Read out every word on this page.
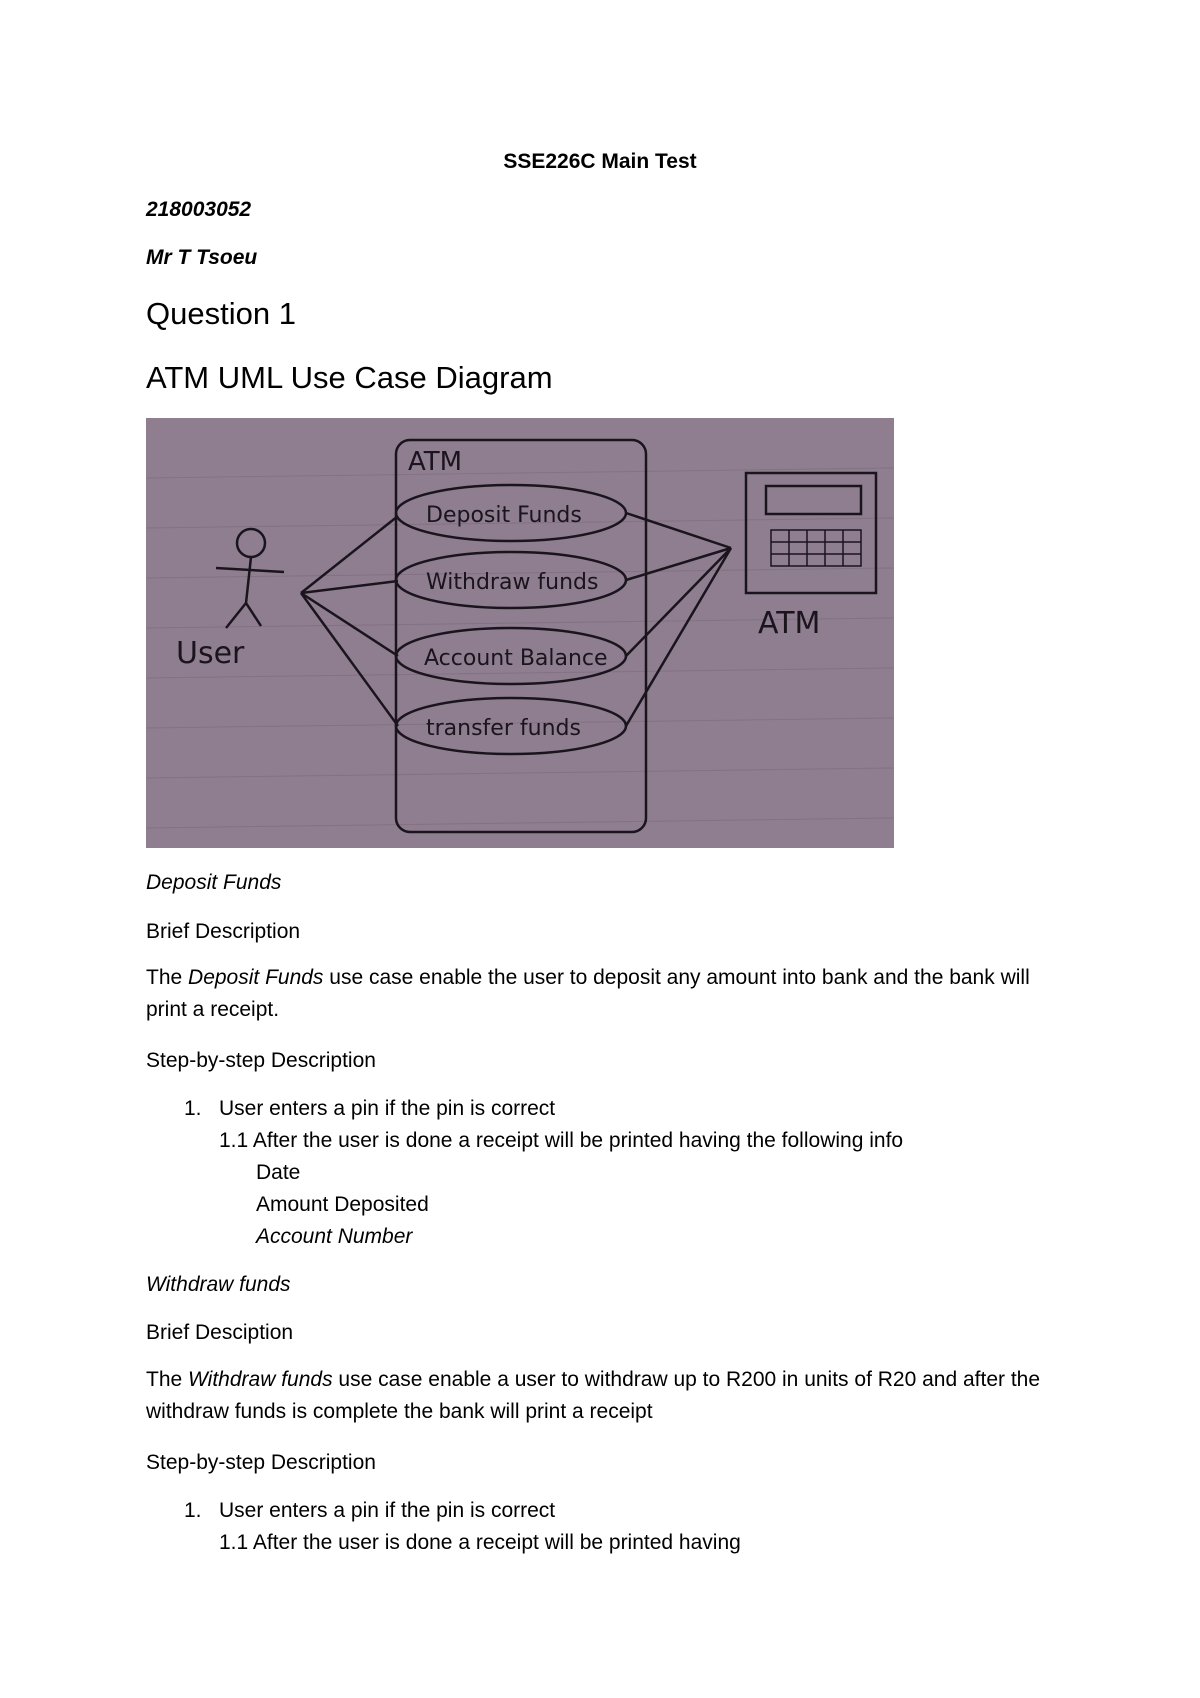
SSE226C Main Test
218003052
Mr T Tsoeu
Question 1
ATM UML Use Case Diagram
ATM
Deposit Funds
Withdraw funds
Account Balance
transfer funds
User
ATM
Deposit Funds
Brief Description
The Deposit Funds use case enable the user to deposit any amount into bank and the bank will print a receipt.
Step-by-step Description
1. User enters a pin if the pin is correct
1.1 After the user is done a receipt will be printed having the following info
Date
Amount Deposited
Account Number
Withdraw funds
Brief Desciption
The Withdraw funds use case enable a user to withdraw up to R200 in units of R20 and after the withdraw funds is complete the bank will print a receipt
Step-by-step Description
1. User enters a pin if the pin is correct
1.1 After the user is done a receipt will be printed having
